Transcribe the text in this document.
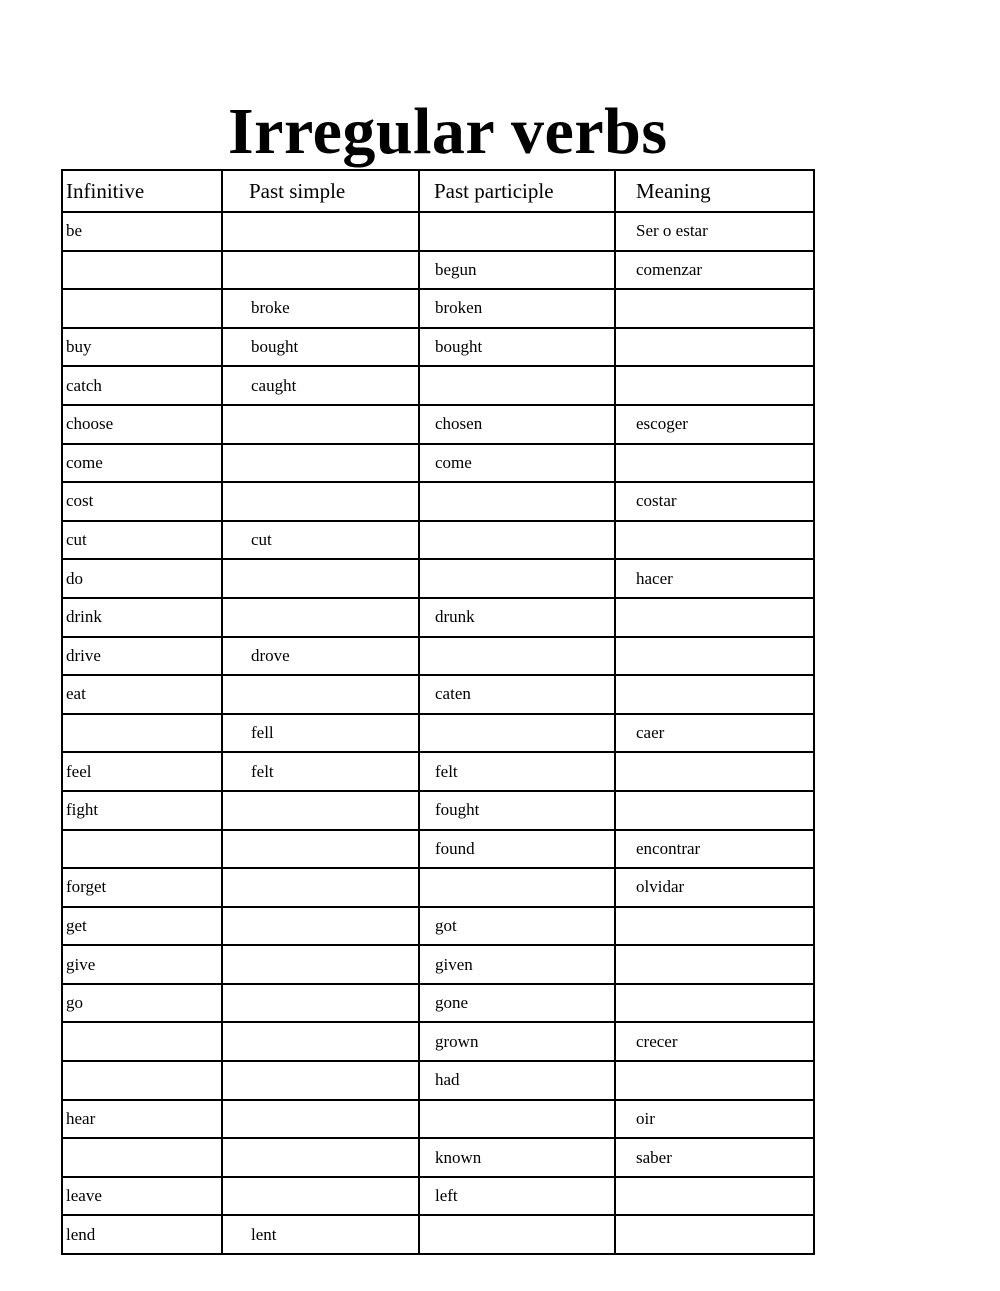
Irregular verbs
Infinitive	Past simple	Past participle	Meaning
be			Ser o estar
		begun	comenzar
	broke	broken	
buy	bought	bought	
catch	caught		
choose		chosen	escoger
come		come	
cost			costar
cut	cut		
do			hacer
drink		drunk	
drive	drove		
eat		caten	
	fell		caer
feel	felt	felt	
fight		fought	
		found	encontrar
forget			olvidar
get		got	
give		given	
go		gone	
		grown	crecer
		had	
hear			oir
		known	saber
leave		left	
lend	lent		
